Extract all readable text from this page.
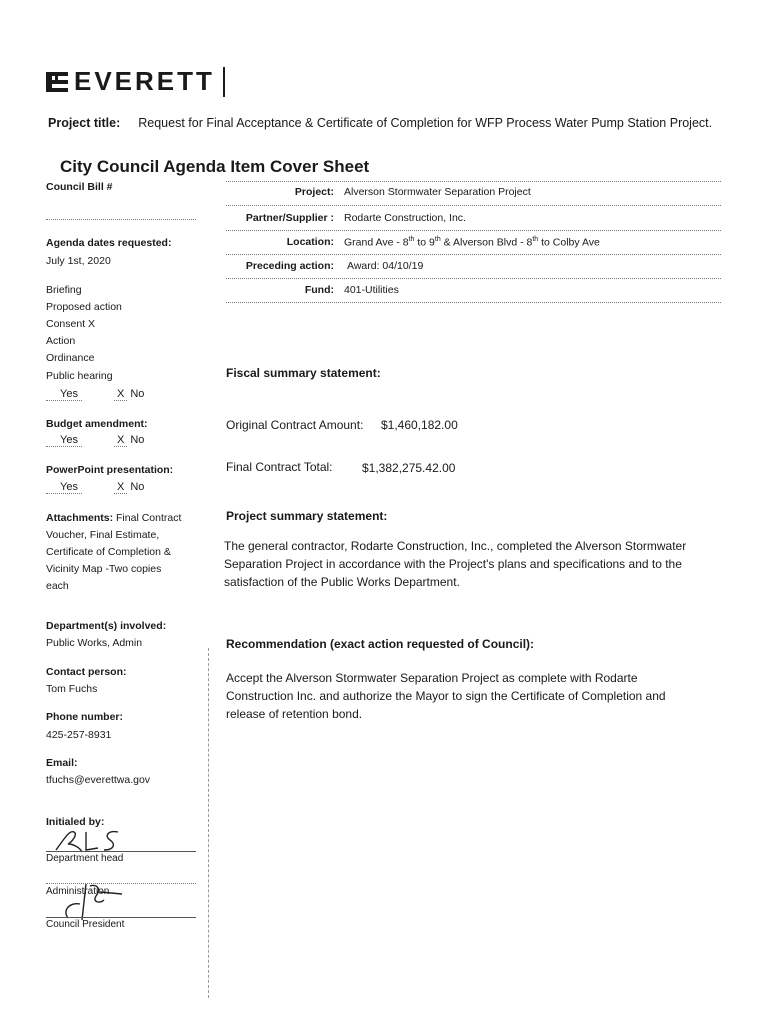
EVERETT
Project title: Request for Final Acceptance & Certificate of Completion for WFP Process Water Pump Station Project.
City Council Agenda Item Cover Sheet
Council Bill #
Agenda dates requested:
July 1st, 2020
Briefing
Proposed action
Consent X
Action
Ordinance
Public hearing
Yes	X No
Budget amendment:
Yes	X No
PowerPoint presentation:
Yes	X No
Attachments: Final Contract
Voucher, Final Estimate,
Certificate of Completion &
Vicinity Map -Two copies
each
Department(s) involved:
Public Works, Admin
Contact person:
Tom Fuchs
Phone number:
425-257-8931
Email:
tfuchs@everettwa.gov
Initialed by:
Department head
Administration
Council President
Project: Alverson Stormwater Separation Project
Partner/Supplier : Rodarte Construction, Inc.
Location: Grand Ave - 8th to 9th & Alverson Blvd - 8th to Colby Ave
Preceding action: Award: 04/10/19
Fund: 401-Utilities
Fiscal summary statement:
Original Contract Amount: $1,460,182.00
Final Contract Total: $1,382,275.42.00
Project summary statement:
The general contractor, Rodarte Construction, Inc., completed the Alverson Stormwater Separation Project in accordance with the Project's plans and specifications and to the satisfaction of the Public Works Department.
Recommendation (exact action requested of Council):
Accept the Alverson Stormwater Separation Project as complete with Rodarte Construction Inc. and authorize the Mayor to sign the Certificate of Completion and release of retention bond.
